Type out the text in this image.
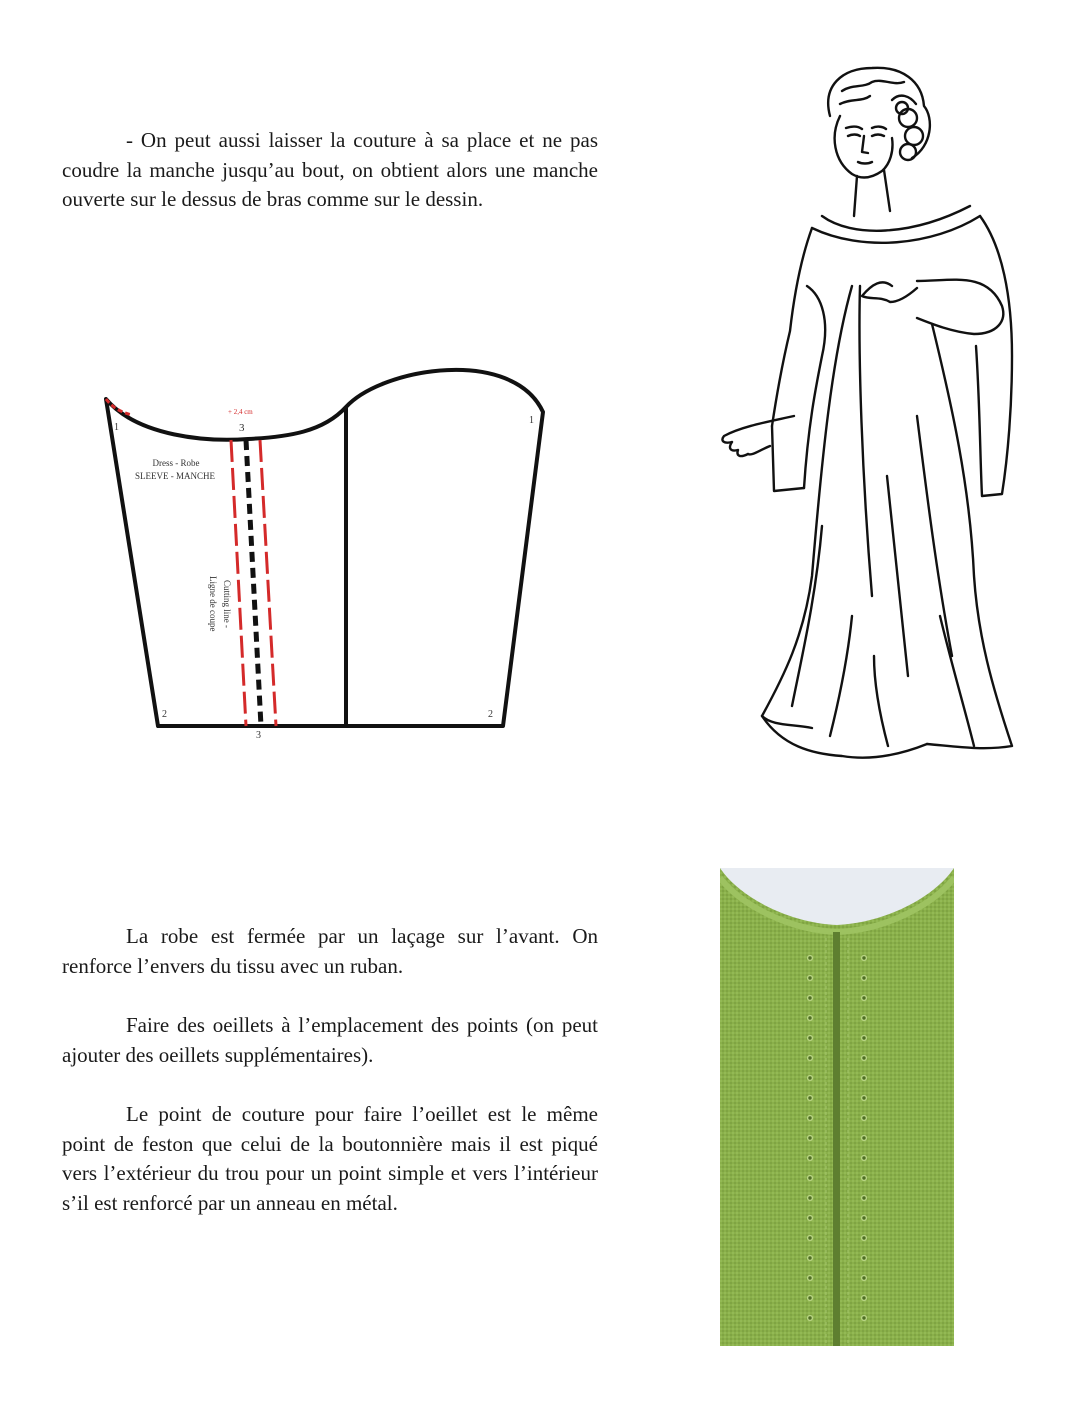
- On peut aussi laisser la couture à sa place et ne pas coudre la manche jusqu’au bout, on obtient alors une manche ouverte sur le dessus de bras comme sur le dessin.

+ 2,4 cm
3
1
1
2	2
3
Dress - Robe
SLEEVE - MANCHE
Cutting line -
Ligne de coupe

La robe est fermée par un laçage sur l’avant. On renforce l’envers du tissu avec un ruban.

Faire des oeillets à l’emplacement des points (on peut ajouter des oeillets supplémentaires).

Le point de couture pour faire l’oeillet est le même point de feston que celui de la boutonnière mais il est piqué vers l’extérieur du trou pour un point simple et vers l’intérieur s’il est renforcé par un anneau en métal.
